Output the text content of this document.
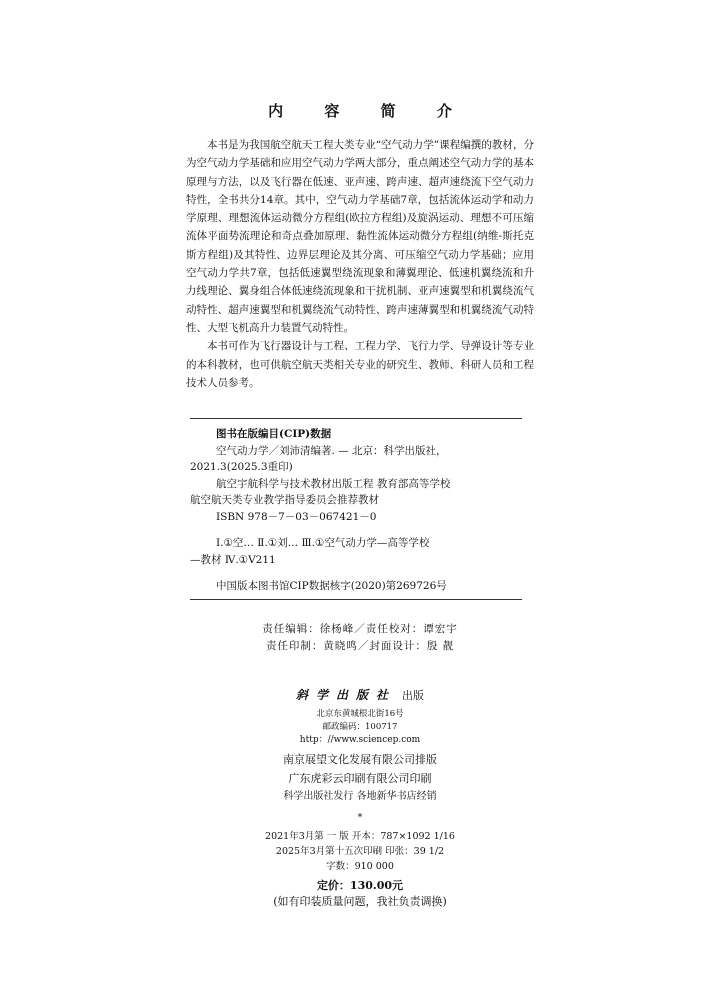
内 容 简 介

本书是为我国航空航天工程大类专业“空气动力学”课程编撰的教材，分为空气动力学基础和应用空气动力学两大部分，重点阐述空气动力学的基本原理与方法，以及飞行器在低速、亚声速、跨声速、超声速绕流下空气动力特性，全书共分14章。其中，空气动力学基础7章，包括流体运动学和动力学原理、理想流体运动微分方程组(欧拉方程组)及旋涡运动、理想不可压缩流体平面势流理论和奇点叠加原理、黏性流体运动微分方程组(纳维-斯托克斯方程组)及其特性、边界层理论及其分离、可压缩空气动力学基础；应用空气动力学共7章，包括低速翼型绕流现象和薄翼理论、低速机翼绕流和升力线理论、翼身组合体低速绕流现象和干扰机制、亚声速翼型和机翼绕流气动特性、超声速翼型和机翼绕流气动特性、跨声速薄翼型和机翼绕流气动特性、大型飞机高升力装置气动特性。

本书可作为飞行器设计与工程、工程力学、飞行力学、导弹设计等专业的本科教材，也可供航空航天类相关专业的研究生、教师、科研人员和工程技术人员参考。

图书在版编目(CIP)数据
空气动力学／刘沛清编著. — 北京：科学出版社，
2021.3(2025.3重印)
航空宇航科学与技术教材出版工程 教育部高等学校
航空航天类专业教学指导委员会推荐教材
ISBN 978－7－03－067421－0
Ⅰ.①空… Ⅱ.①刘… Ⅲ.①空气动力学—高等学校
—教材 Ⅳ.①V211
中国版本图书馆CIP数据核字(2020)第269726号
责任编辑：徐杨峰／责任校对：谭宏宇
责任印制：黄晓鸣／封面设计：殷 靓
斜学出版社 出版
北京东黄城根北街16号
邮政编码：100717
http：//www.sciencep.com
南京展望文化发展有限公司排版
广东虎彩云印刷有限公司印刷
科学出版社发行 各地新华书店经销
*
2021年3月第 一 版 开本：787×1092 1/16
2025年3月第十五次印刷 印张：39 1/2
字数：910 000
定价：130.00元
(如有印装质量问题，我社负责调换)
